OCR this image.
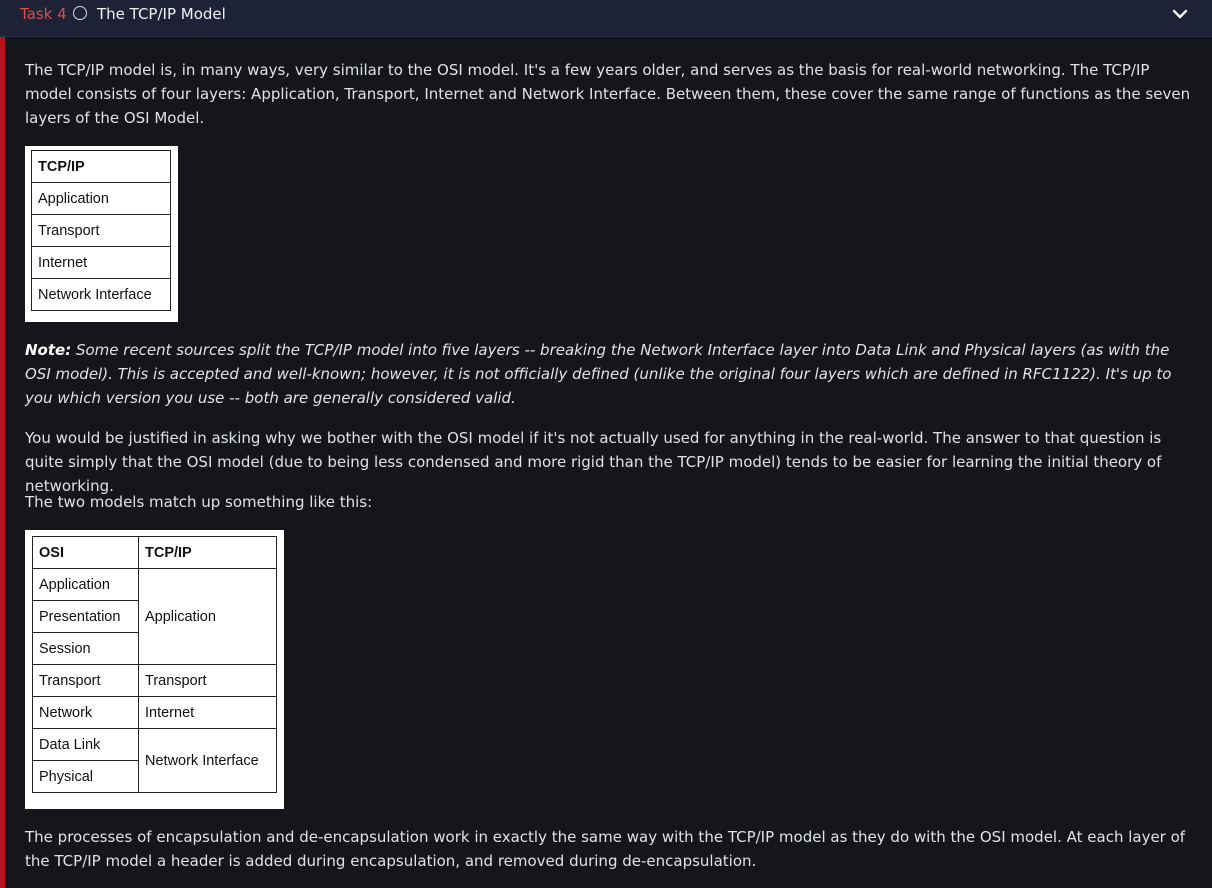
Task 4 The TCP/IP Model

The TCP/IP model is, in many ways, very similar to the OSI model. It's a few years older, and serves as the basis for real-world networking. The TCP/IP model consists of four layers: Application, Transport, Internet and Network Interface. Between them, these cover the same range of functions as the seven layers of the OSI Model.

TCP/IP
Application
Transport
Internet
Network Interface

Note: Some recent sources split the TCP/IP model into five layers -- breaking the Network Interface layer into Data Link and Physical layers (as with the OSI model). This is accepted and well-known; however, it is not officially defined (unlike the original four layers which are defined in RFC1122). It's up to you which version you use -- both are generally considered valid.

You would be justified in asking why we bother with the OSI model if it's not actually used for anything in the real-world. The answer to that question is quite simply that the OSI model (due to being less condensed and more rigid than the TCP/IP model) tends to be easier for learning the initial theory of networking.

The two models match up something like this:

OSI	TCP/IP
Application	Application
Presentation	
Session	
Transport	Transport
Network	Internet
Data Link	Network Interface
Physical	

The processes of encapsulation and de-encapsulation work in exactly the same way with the TCP/IP model as they do with the OSI model. At each layer of the TCP/IP model a header is added during encapsulation, and removed during de-encapsulation.
